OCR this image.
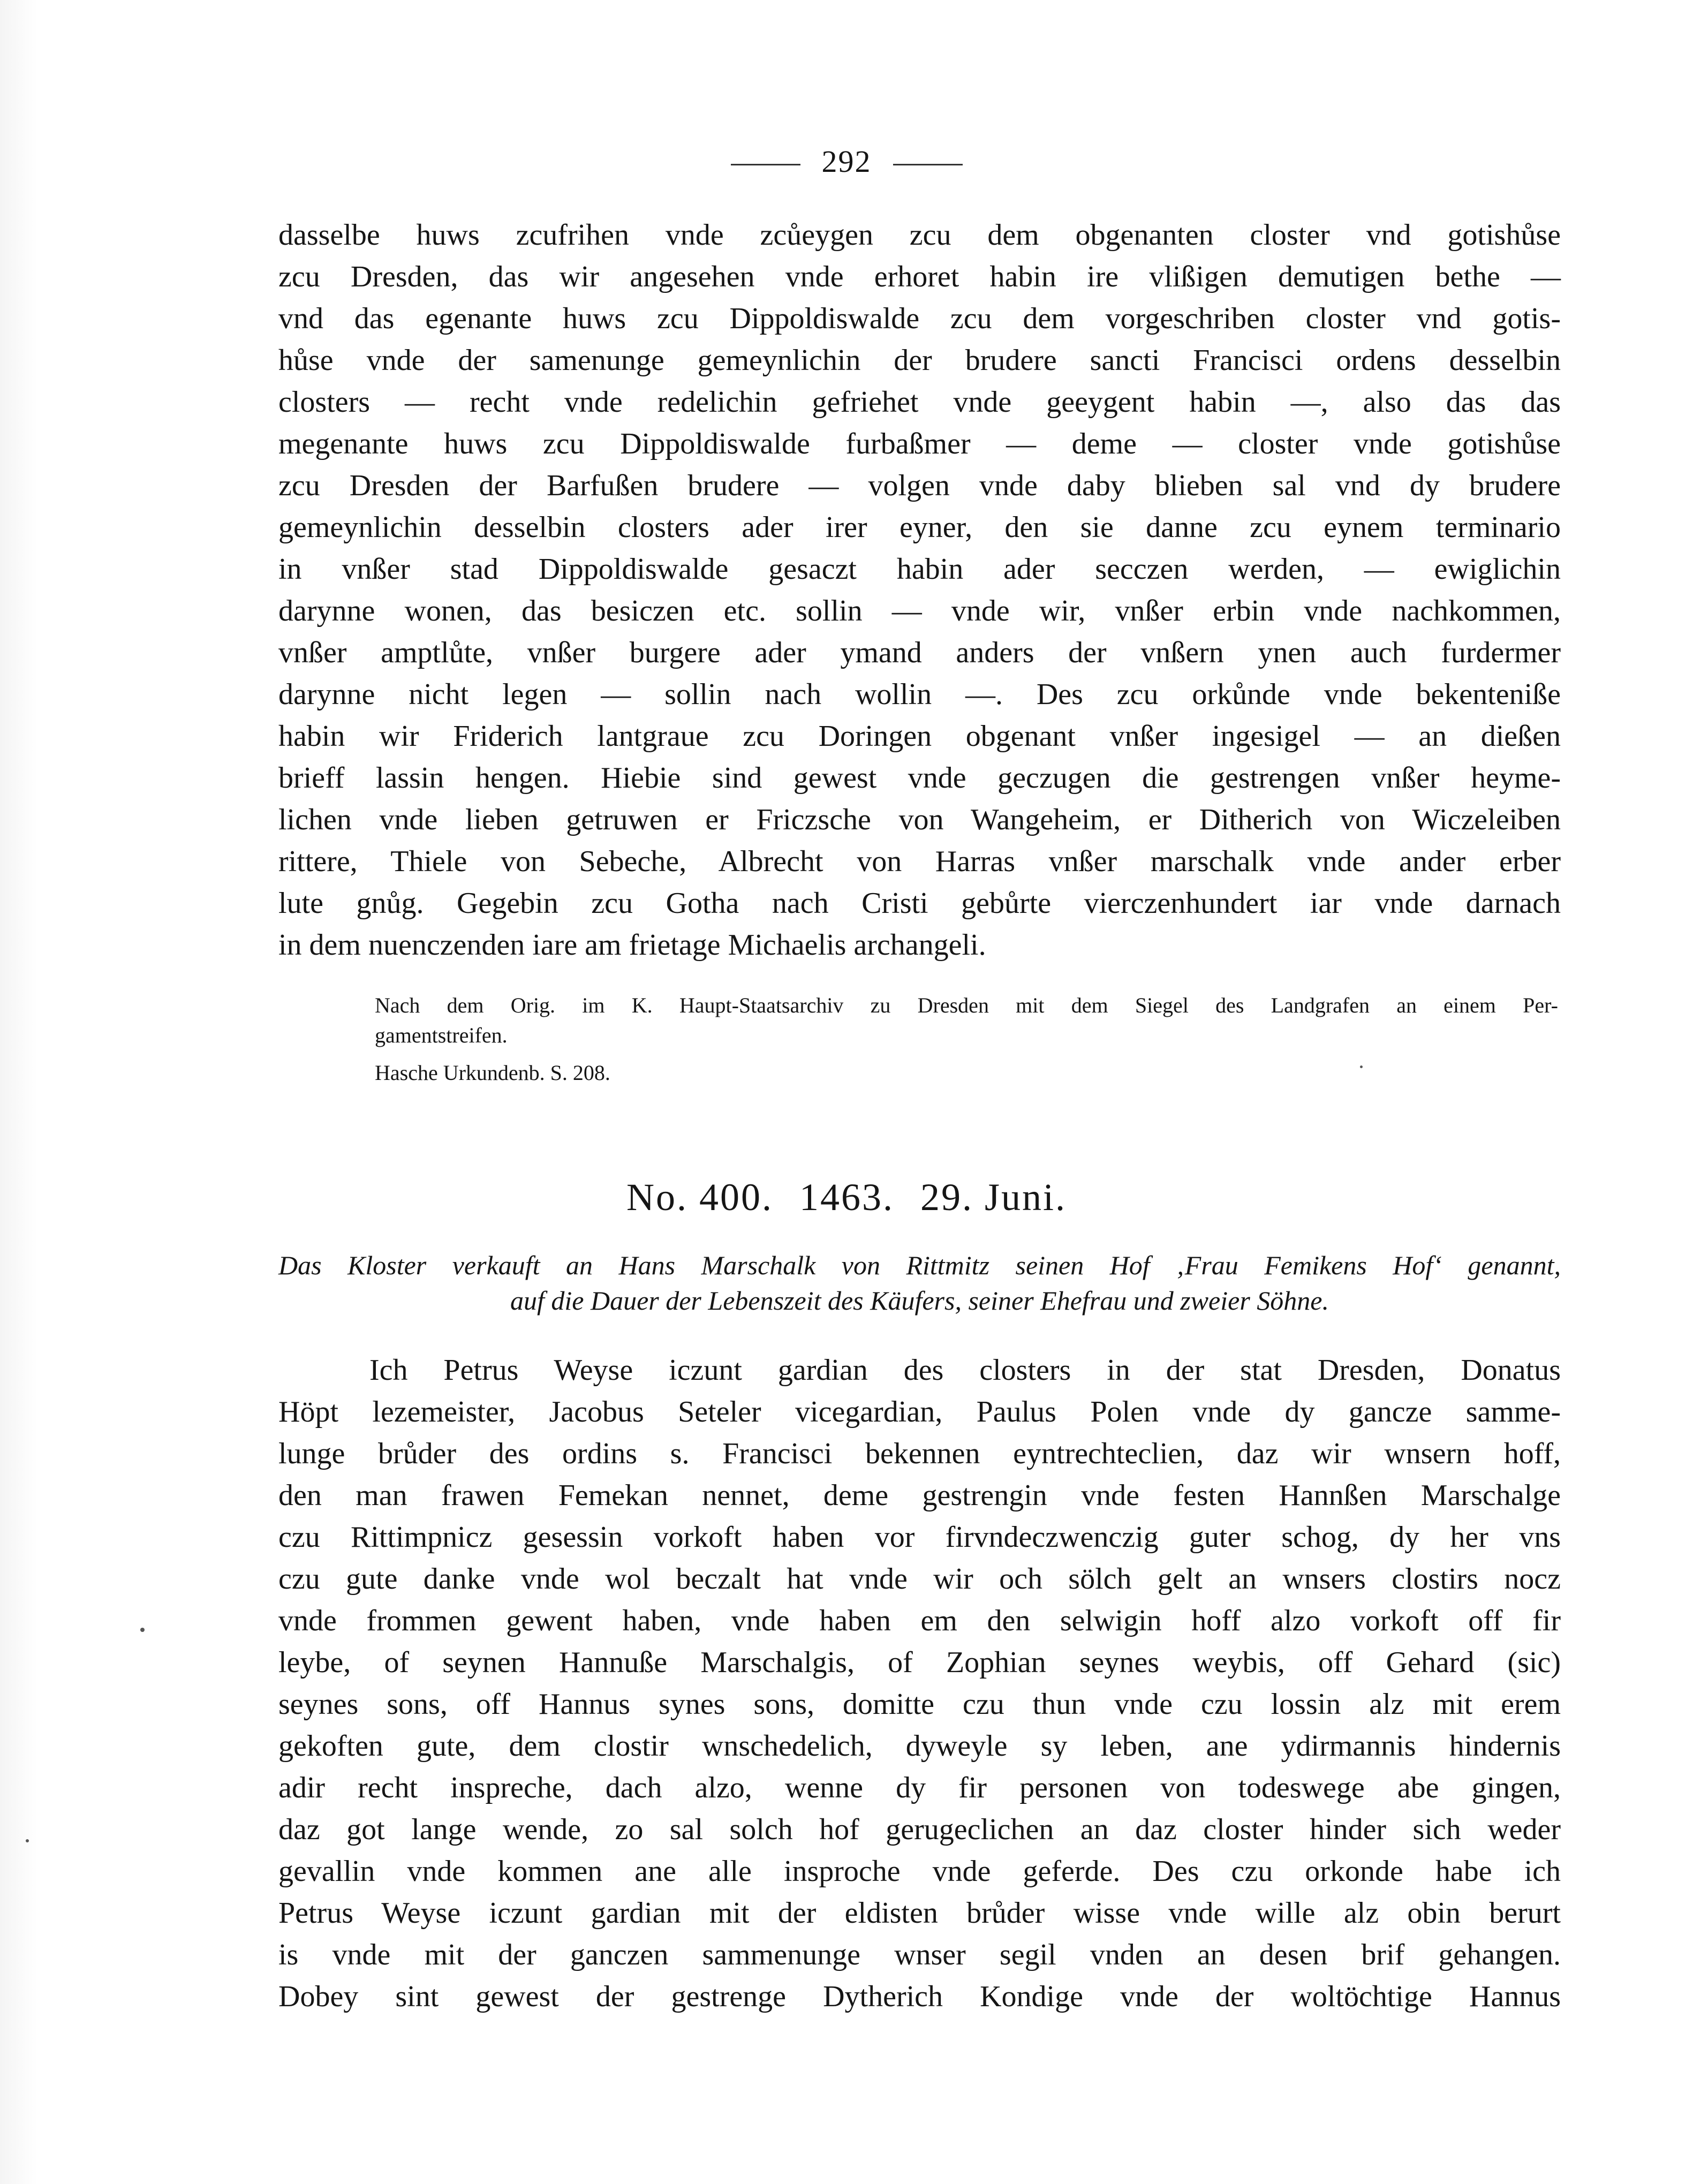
292
dasselbe huws zcufrihen vnde zcůeygen zcu dem obgenanten closter vnd gotishůse
zcu Dresden, das wir angesehen vnde erhoret habin ire vlißigen demutigen bethe —
vnd das egenante huws zcu Dippoldiswalde zcu dem vorgeschriben closter vnd gotis-
hůse vnde der samenunge gemeynlichin der brudere sancti Francisci ordens desselbin
closters — recht vnde redelichin gefriehet vnde geeygent habin —, also das das
megenante huws zcu Dippoldiswalde furbaßmer — deme — closter vnde gotishůse
zcu Dresden der Barfußen brudere — volgen vnde daby blieben sal vnd dy brudere
gemeynlichin desselbin closters ader irer eyner, den sie danne zcu eynem terminario
in vnßer stad Dippoldiswalde gesaczt habin ader secczen werden, — ewiglichin
darynne wonen, das besiczen etc. sollin — vnde wir, vnßer erbin vnde nachkommen,
vnßer amptlůte, vnßer burgere ader ymand anders der vnßern ynen auch furdermer
darynne nicht legen — sollin nach wollin —. Des zcu orkůnde vnde bekenteniße
habin wir Friderich lantgraue zcu Doringen obgenant vnßer ingesigel — an dießen
brieff lassin hengen. Hiebie sind gewest vnde geczugen die gestrengen vnßer heyme-
lichen vnde lieben getruwen er Friczsche von Wangeheim, er Ditherich von Wiczeleiben
rittere, Thiele von Sebeche, Albrecht von Harras vnßer marschalk vnde ander erber
lute gnůg. Gegebin zcu Gotha nach Cristi gebůrte vierczenhundert iar vnde darnach
in dem nuenczenden iare am frietage Michaelis archangeli.
Nach dem Orig. im K. Haupt-Staatsarchiv zu Dresden mit dem Siegel des Landgrafen an einem Per-
gamentstreifen.
Hasche Urkundenb. S. 208.
No. 400. 1463. 29. Juni.
Das Kloster verkauft an Hans Marschalk von Rittmitz seinen Hof ‚Frau Femikens Hof‘ genannt,
auf die Dauer der Lebenszeit des Käufers, seiner Ehefrau und zweier Söhne.
Ich Petrus Weyse iczunt gardian des closters in der stat Dresden, Donatus
Höpt lezemeister, Jacobus Seteler vicegardian, Paulus Polen vnde dy gancze samme-
lunge brůder des ordins s. Francisci bekennen eyntrechteclien, daz wir wnsern hoff,
den man frawen Femekan nennet, deme gestrengin vnde festen Hannßen Marschalge
czu Rittimpnicz gesessin vorkoft haben vor firvndeczwenczig guter schog, dy her vns
czu gute danke vnde wol beczalt hat vnde wir och sölch gelt an wnsers clostirs nocz
vnde frommen gewent haben, vnde haben em den selwigin hoff alzo vorkoft off fir
leybe, of seynen Hannuße Marschalgis, of Zophian seynes weybis, off Gehard (sic)
seynes sons, off Hannus synes sons, domitte czu thun vnde czu lossin alz mit erem
gekoften gute, dem clostir wnschedelich, dyweyle sy leben, ane ydirmannis hindernis
adir recht inspreche, dach alzo, wenne dy fir personen von todeswege abe gingen,
daz got lange wende, zo sal solch hof gerugeclichen an daz closter hinder sich weder
gevallin vnde kommen ane alle insproche vnde geferde. Des czu orkonde habe ich
Petrus Weyse iczunt gardian mit der eldisten brůder wisse vnde wille alz obin berurt
is vnde mit der ganczen sammenunge wnser segil vnden an desen brif gehangen.
Dobey sint gewest der gestrenge Dytherich Kondige vnde der woltöchtige Hannus
